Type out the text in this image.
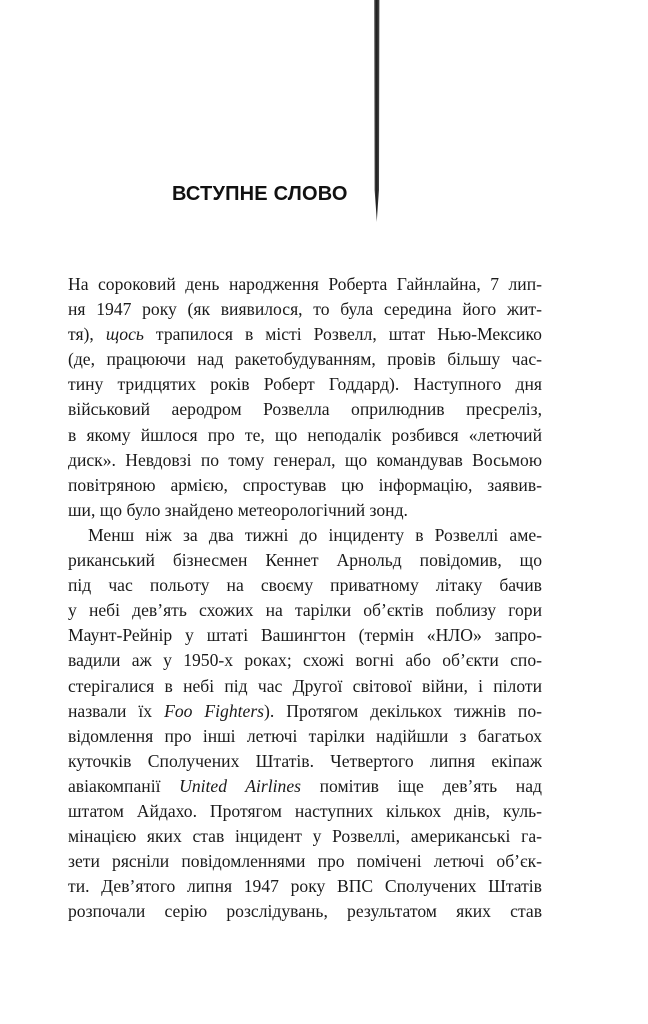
ВСТУПНЕ СЛОВО
На сороковий день народження Роберта Гайнлайна, 7 лип-
ня 1947 року (як виявилося, то була середина його жит-
тя), щось трапилося в місті Розвелл, штат Нью-Мексико
(де, працюючи над ракетобудуванням, провів більшу час-
тину тридцятих років Роберт Годдард). Наступного дня
військовий аеродром Розвелла оприлюднив пресреліз,
в якому йшлося про те, що неподалік розбився «летючий
диск». Невдовзі по тому генерал, що командував Восьмою
повітряною армією, спростував цю інформацію, заявив-
ши, що було знайдено метеорологічний зонд.
Менш ніж за два тижні до інциденту в Розвеллі аме-
риканський бізнесмен Кеннет Арнольд повідомив, що
під час польоту на своєму приватному літаку бачив
у небі дев’ять схожих на тарілки об’єктів поблизу гори
Маунт-Рейнір у штаті Вашингтон (термін «НЛО» запро-
вадили аж у 1950-х роках; схожі вогні або об’єкти спо-
стерігалися в небі під час Другої світової війни, і пілоти
назвали їх Foo Fighters). Протягом декількох тижнів по-
відомлення про інші летючі тарілки надійшли з багатьох
куточків Сполучених Штатів. Четвертого липня екіпаж
авіакомпанії United Airlines помітив іще дев’ять над
штатом Айдахо. Протягом наступних кількох днів, куль-
мінацією яких став інцидент у Розвеллі, американські га-
зети рясніли повідомленнями про помічені летючі об’єк-
ти. Дев’ятого липня 1947 року ВПС Сполучених Штатів
розпочали серію розслідувань, результатом яких став
